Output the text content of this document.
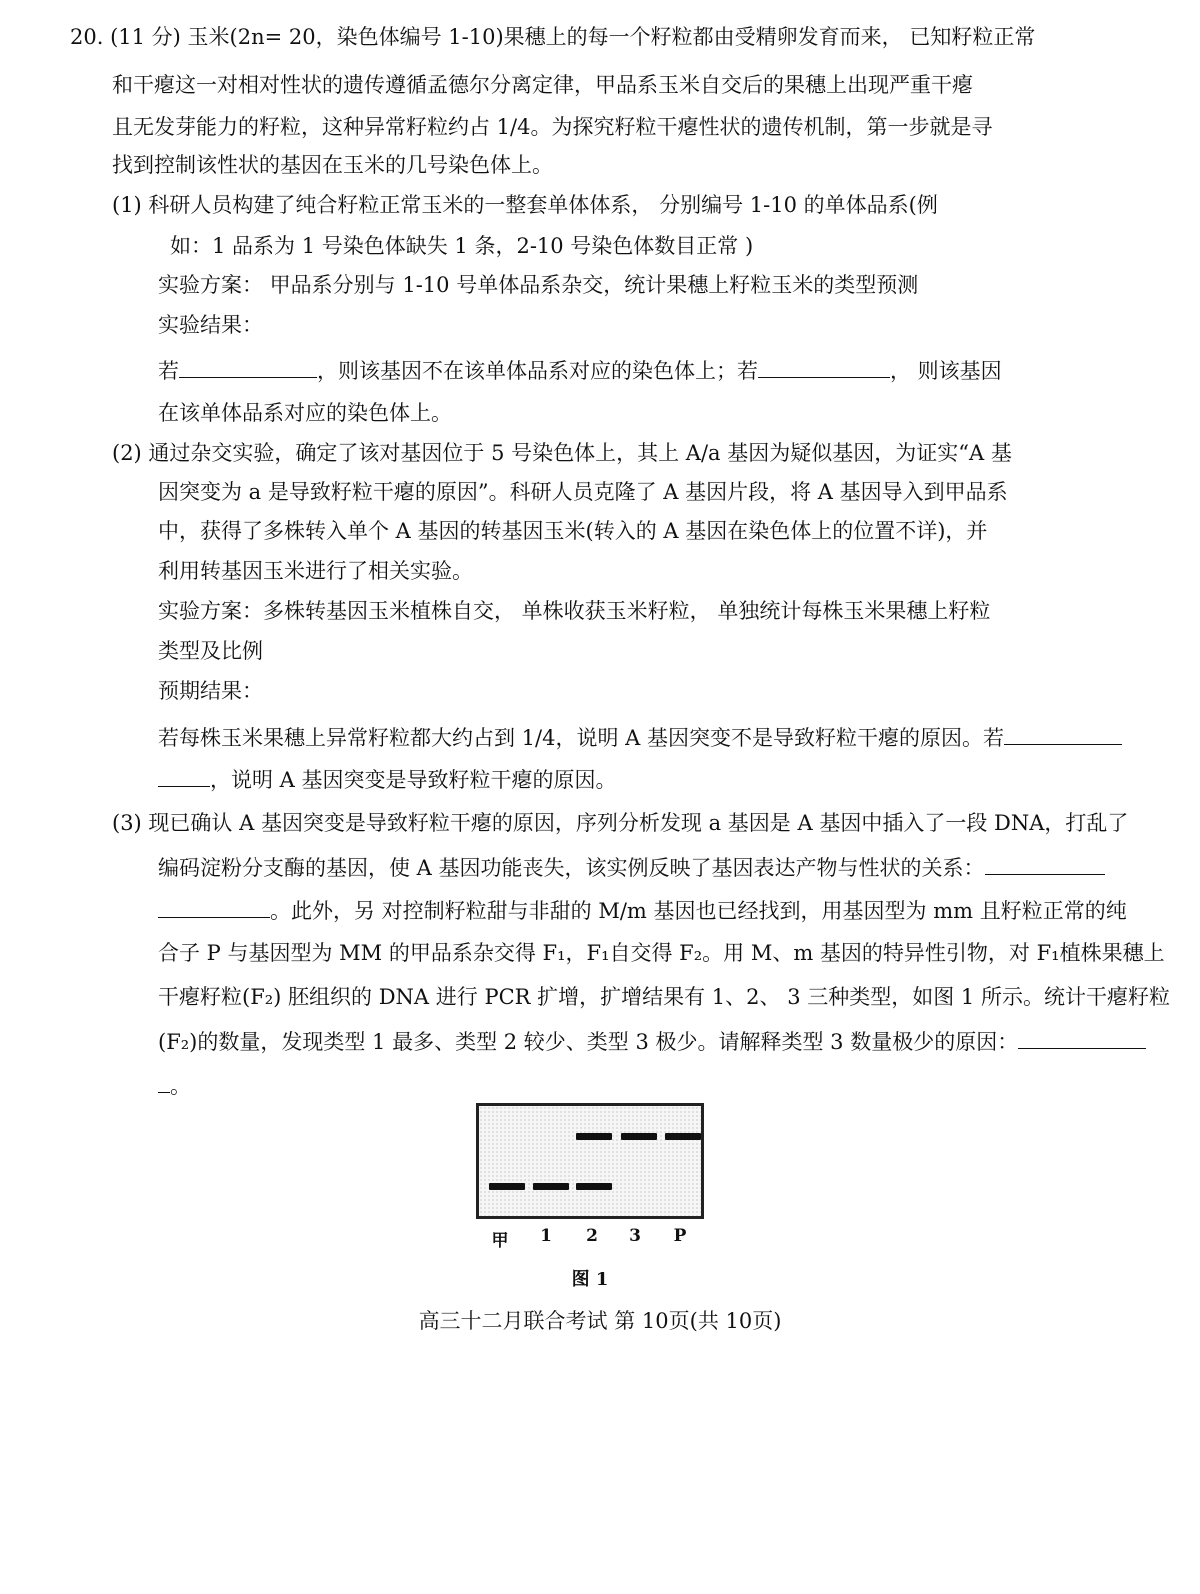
20. (11 分) 玉米(2n= 20，染色体编号 1-10)果穗上的每一个籽粒都由受精卵发育而来， 已知籽粒正常
和干瘪这一对相对性状的遗传遵循孟德尔分离定律，甲品系玉米自交后的果穗上出现严重干瘪
且无发芽能力的籽粒，这种异常籽粒约占 1/4。为探究籽粒干瘪性状的遗传机制，第一步就是寻
找到控制该性状的基因在玉米的几号染色体上。
(1) 科研人员构建了纯合籽粒正常玉米的一整套单体体系， 分别编号 1-10 的单体品系(例
如：1 品系为 1 号染色体缺失 1 条，2-10 号染色体数目正常 )
实验方案： 甲品系分别与 1-10 号单体品系杂交，统计果穗上籽粒玉米的类型预测
实验结果：
若	，则该基因不在该单体品系对应的染色体上；若	， 则该基因
在该单体品系对应的染色体上。
(2) 通过杂交实验，确定了该对基因位于 5 号染色体上，其上 A/a 基因为疑似基因，为证实“A 基
因突变为 a 是导致籽粒干瘪的原因”。科研人员克隆了 A 基因片段，将 A 基因导入到甲品系
中，获得了多株转入单个 A 基因的转基因玉米(转入的 A 基因在染色体上的位置不详)，并
利用转基因玉米进行了相关实验。
实验方案：多株转基因玉米植株自交， 单株收获玉米籽粒， 单独统计每株玉米果穗上籽粒
类型及比例
预期结果：
若每株玉米果穗上异常籽粒都大约占到 1/4，说明 A 基因突变不是导致籽粒干瘪的原因。若
，说明 A 基因突变是导致籽粒干瘪的原因。
(3) 现已确认 A 基因突变是导致籽粒干瘪的原因，序列分析发现 a 基因是 A 基因中插入了一段 DNA，打乱了
编码淀粉分支酶的基因，使 A 基因功能丧失，该实例反映了基因表达产物与性状的关系：
。此外，另 对控制籽粒甜与非甜的 M/m 基因也已经找到，用基因型为 mm 且籽粒正常的纯
合子 P 与基因型为 MM 的甲品系杂交得 F₁，F₁自交得 F₂。用 M、m 基因的特异性引物，对 F₁植株果穗上
干瘪籽粒(F₂) 胚组织的 DNA 进行 PCR 扩增，扩增结果有 1、2、 3 三种类型，如图 1 所示。统计干瘪籽粒
(F₂)的数量，发现类型 1 最多、类型 2 较少、类型 3 极少。请解释类型 3 数量极少的原因：
。
甲	1	2	3	P
图 1
高三十二月联合考试 第 10页(共 10页)
